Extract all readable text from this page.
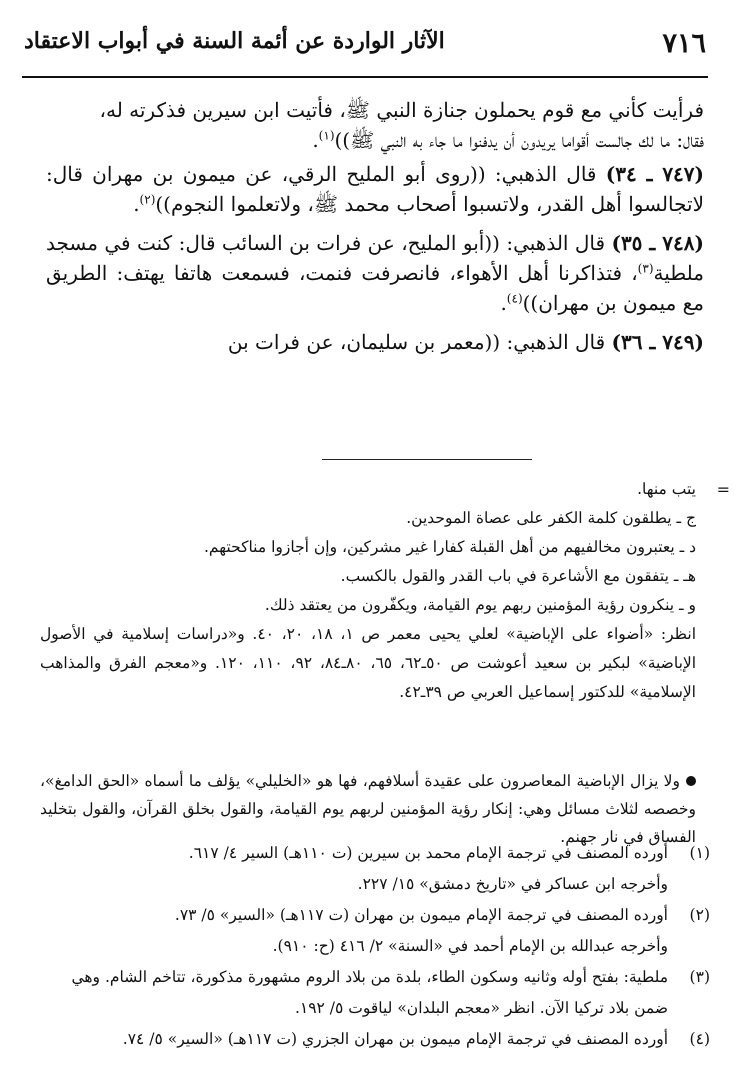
٧١٦
الآثار الواردة عن أئمة السنة في أبواب الاعتقاد

فرأيت كأني مع قوم يحملون جنازة النبي ﷺ، فأتيت ابن سيرين فذكرته له،

فقال: ما لك جالست أقواما يريدون أن يدفنوا ما جاء به النبي ﷺ))$^{(١)}$.

(٧٤٧ ـ ٣٤) قال الذهبي: ((روى أبو المليح الرقي، عن ميمون بن مهران قال: لاتجالسوا أهل القدر، ولاتسبوا أصحاب محمد ﷺ، ولاتعلموا النجوم))$^{(٢)}$.

(٧٤٨ ـ ٣٥) قال الذهبي: ((أبو المليح، عن فرات بن السائب قال: كنت في مسجد ملطية$^{(٣)}$، فتذاكرنا أهل الأهواء، فانصرفت فنمت، فسمعت هاتفا يهتف: الطريق مع ميمون بن مهران))$^{(٤)}$.

(٧٤٩ ـ ٣٦) قال الذهبي: ((معمر بن سليمان، عن فرات بن

=

يتب منها.

ج ـ يطلقون كلمة الكفر على عصاة الموحدين.

د ـ يعتبرون مخالفيهم من أهل القبلة كفارا غير مشركين، وإن أجازوا مناكحتهم.

هـ ـ يتفقون مع الأشاعرة في باب القدر والقول بالكسب.

و ـ ينكرون رؤية المؤمنين ربهم يوم القيامة، ويكفّرون من يعتقد ذلك.

انظر: «أضواء على الإباضية» لعلي يحيى معمر ص ١، ١٨، ٢٠، ٤٠. و«دراسات إسلامية في الأصول الإباضية» لبكير بن سعيد أعوشت ص ٥٠ـ٦٢، ٦٥، ٨٠ـ٨٤، ٩٢، ١١٠، ١٢٠. و«معجم الفرق والمذاهب الإسلامية» للدكتور إسماعيل العربي ص ٣٩ـ٤٢.

ولا يزال الإباضية المعاصرون على عقيدة أسلافهم، فها هو «الخليلي» يؤلف ما أسماه «الحق الدامغ»، وخصصه لثلاث مسائل وهي: إنكار رؤية المؤمنين لربهم يوم القيامة، والقول بخلق القرآن، والقول بتخليد الفساق في نار جهنم.

(١)
أورده المصنف في ترجمة الإمام محمد بن سيرين (ت ١١٠هـ) السير ٤/ ٦١٧.
وأخرجه ابن عساكر في «تاريخ دمشق» ١٥/ ٢٢٧.
(٢)
أورده المصنف في ترجمة الإمام ميمون بن مهران (ت ١١٧هـ) «السير» ٥/ ٧٣.
وأخرجه عبدالله بن الإمام أحمد في «السنة» ٢/ ٤١٦ (ح: ٩١٠).
(٣)
ملطية: بفتح أوله وثانيه وسكون الطاء، بلدة من بلاد الروم مشهورة مذكورة، تتاخم الشام. وهي ضمن بلاد تركيا الآن. انظر «معجم البلدان» لياقوت ٥/ ١٩٢.
(٤)
أورده المصنف في ترجمة الإمام ميمون بن مهران الجزري (ت ١١٧هـ) «السير» ٥/ ٧٤.
